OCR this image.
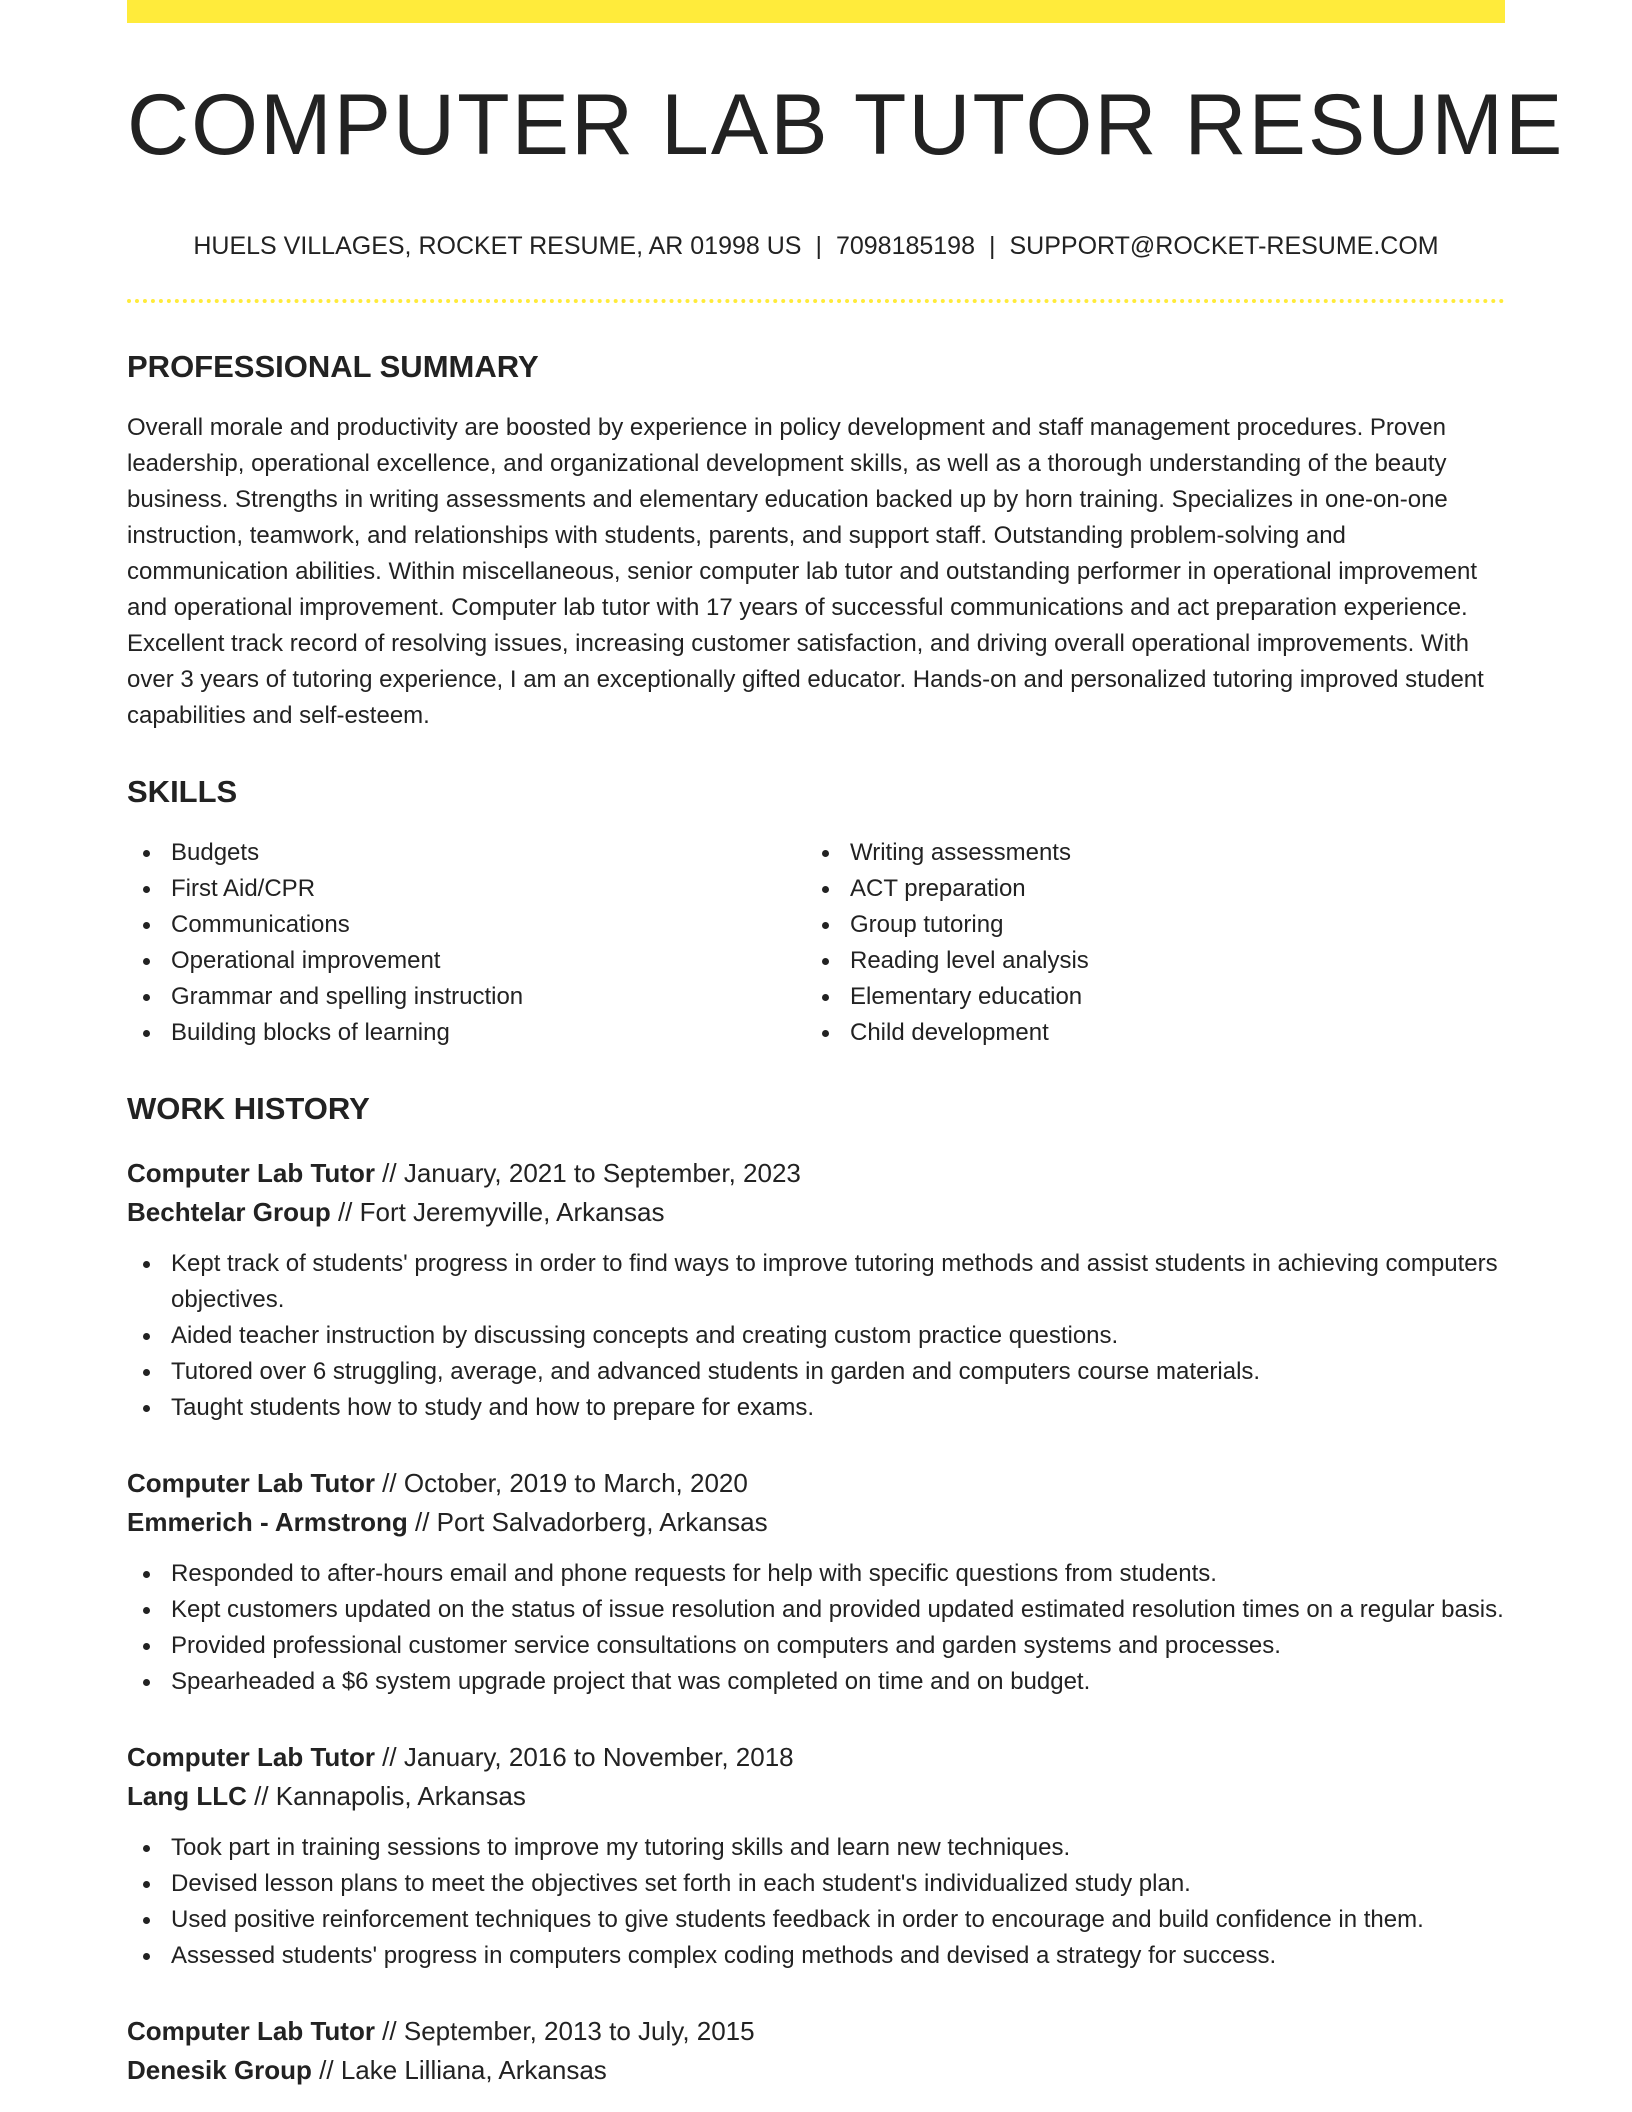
COMPUTER LAB TUTOR RESUME
HUELS VILLAGES, ROCKET RESUME, AR 01998 US | 7098185198 | SUPPORT@ROCKET-RESUME.COM
PROFESSIONAL SUMMARY

Overall morale and productivity are boosted by experience in policy development and staff management procedures. Proven leadership, operational excellence, and organizational development skills, as well as a thorough understanding of the beauty business. Strengths in writing assessments and elementary education backed up by horn training. Specializes in one-on-one instruction, teamwork, and relationships with students, parents, and support staff. Outstanding problem-solving and communication abilities. Within miscellaneous, senior computer lab tutor and outstanding performer in operational improvement and operational improvement. Computer lab tutor with 17 years of successful communications and act preparation experience. Excellent track record of resolving issues, increasing customer satisfaction, and driving overall operational improvements. With over 3 years of tutoring experience, I am an exceptionally gifted educator. Hands-on and personalized tutoring improved student capabilities and self-esteem.

SKILLS
Budgets
First Aid/CPR
Communications
Operational improvement
Grammar and spelling instruction
Building blocks of learning
Writing assessments
ACT preparation
Group tutoring
Reading level analysis
Elementary education
Child development
WORK HISTORY
Computer Lab Tutor // January, 2021 to September, 2023
Bechtelar Group // Fort Jeremyville, Arkansas
Kept track of students' progress in order to find ways to improve tutoring methods and assist students in achieving computers objectives.
Aided teacher instruction by discussing concepts and creating custom practice questions.
Tutored over 6 struggling, average, and advanced students in garden and computers course materials.
Taught students how to study and how to prepare for exams.
Computer Lab Tutor // October, 2019 to March, 2020
Emmerich - Armstrong // Port Salvadorberg, Arkansas
Responded to after-hours email and phone requests for help with specific questions from students.
Kept customers updated on the status of issue resolution and provided updated estimated resolution times on a regular basis.
Provided professional customer service consultations on computers and garden systems and processes.
Spearheaded a $6 system upgrade project that was completed on time and on budget.
Computer Lab Tutor // January, 2016 to November, 2018
Lang LLC // Kannapolis, Arkansas
Took part in training sessions to improve my tutoring skills and learn new techniques.
Devised lesson plans to meet the objectives set forth in each student's individualized study plan.
Used positive reinforcement techniques to give students feedback in order to encourage and build confidence in them.
Assessed students' progress in computers complex coding methods and devised a strategy for success.
Computer Lab Tutor // September, 2013 to July, 2015
Denesik Group // Lake Lilliana, Arkansas
